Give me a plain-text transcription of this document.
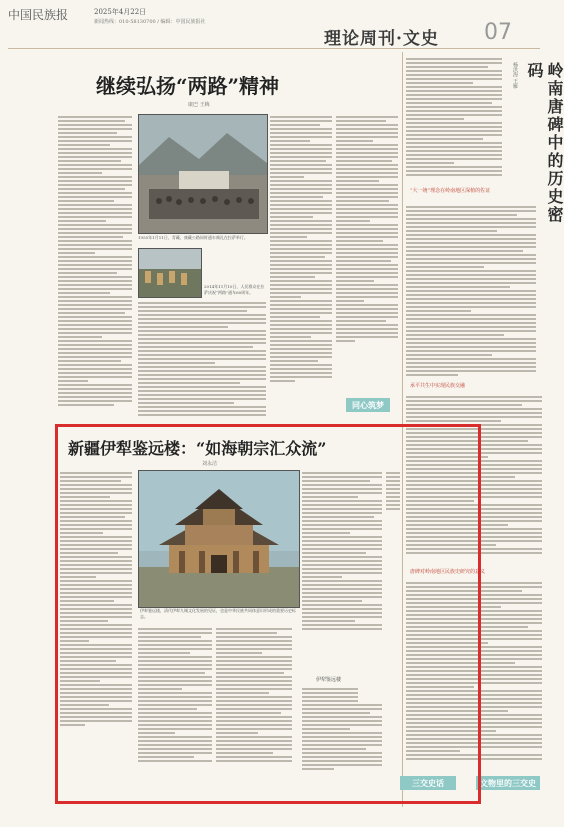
中国民族报	2025年4月22日
新闻热线：010-58130700 / 编辑：中国民族报社
理论周刊·文史 07
继续弘扬“两路”精神
康巴 王梅
1955年1月11日，青藏、康藏公路同时通车典礼在拉萨举行。
2014年11月10日，人民群众在拉萨庆祝“两路”通车60周年。
同心筑梦
岭南唐碑中的历史密码
杨洪海 王雁
“大一统”理念在岭南地区深植的佐证
承平共生中实现民族交融
唐碑对岭南地区民族史研究的意义
文物里的三交史
新疆伊犁鉴远楼：“如海朝宗汇众流”
刘永洁
伊犁鉴远楼，清代伊犁九城文化发展的见证，也是中华民族共同体意识形成的重要历史标志。
伊犁鉴远楼
三交史话
